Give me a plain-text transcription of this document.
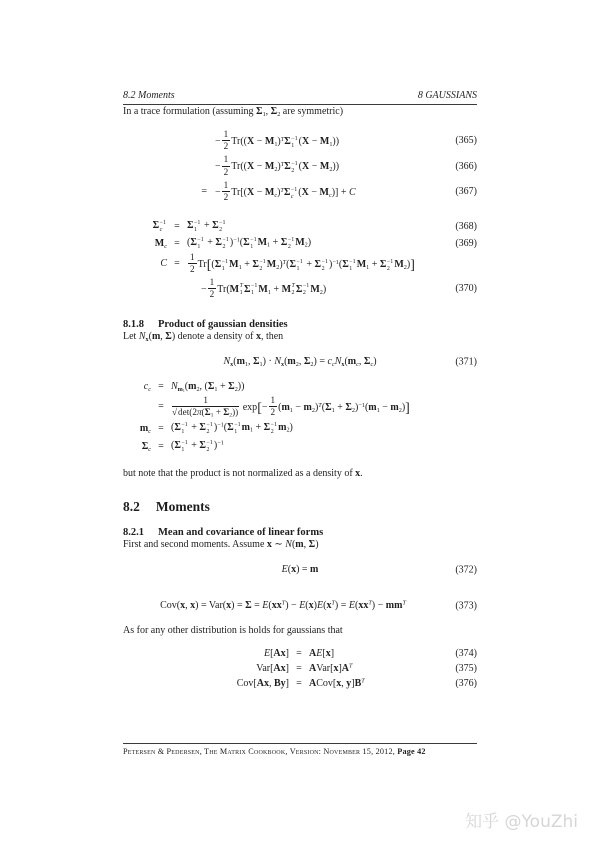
8.2 Moments	8 GAUSSIANS

In a trace formulation (assuming $\Sigma_1$, $\Sigma_2$ are symmetric)

− $\frac{1}{2} Tr((X - M_1)^T\Sigma -1$
1 $(X - M_1)$)	(365)
− $\frac{1}{2} Tr((X - M_2)^T\Sigma -1$
2 $(X - M_2)$)	(366)
= − $\frac{1}{2} Tr[(X - M_c)^T\Sigma -1$
c $(X - M_c)] + C$	(367)
Σ −1
c	= Σ −1
1 + Σ −1
2	(368)
$M_c = (\Sigma -1$
1 + Σ −1
2 )$^{-1}$(Σ −1
1 $M_1 + \Sigma -1$
2 $M_2$)	(369)
$C = \frac{1}{2} Tr[(\Sigma -1$
1 $M_1 + \Sigma -1$
2 $M_2)^T(\Sigma -1$
1 + Σ −1
2 )$^{-1}$(Σ −1
1 $M_1 + \Sigma -1$
2 $M_2$)]
− $\frac{1}{2} Tr(M$ T
1 Σ −1
1 $M_1 + M$ T
2 Σ −1
2 $M_2$)	(370)
8.1.8 Product of gaussian densities

Let $N_x(m$, Σ) denote a density of x, then

$N_x(m_1$, $\Sigma_1) \cdot N_x(m_2$, $\Sigma_2) = c_cN_x(m_c$, $\Sigma_c$)	(371)
$c_c = N_{m_1}(m_2$, $(\Sigma_1 + \Sigma_2)$)
= $\frac{1}{√\det(2\pi(\Sigma_1 + \Sigma_2))} \exp[- \frac{1}{2} (m_1 - m_2)^T(\Sigma_1 + \Sigma_2)^{-1}(m_1 - m_2)]$
$m_c = (\Sigma -1$
1 + Σ −1
2 )$^{-1}$(Σ −1
1 $m_1 + \Sigma -1$
2 $m_2$)
$\Sigma_c = (\Sigma -1$
1 + Σ −1
2 )$^{-1}$

but note that the product is not normalized as a density of x.

8.2 Moments
8.2.1 Mean and covariance of linear forms

First and second moments. Assume x ∼ N(m, Σ)

E(x) = m	(372)
Cov(x, $x) = Var(x) = \Sigma = E(xx^T) - E(x)E(x^T) = E(xx^T) - mm^T$	(373)

As for any other distribution is holds for gaussians that

E[Ax] = AE[x]	(374)
$Var[Ax] = AVar[x]A^T$	(375)
Cov[Ax, By] = ACov[x, $y]B^T$	(376)
Petersen & Pedersen, The Matrix Cookbook, Version: November 15, 2012, Page 42
知乎 @YouZhi
